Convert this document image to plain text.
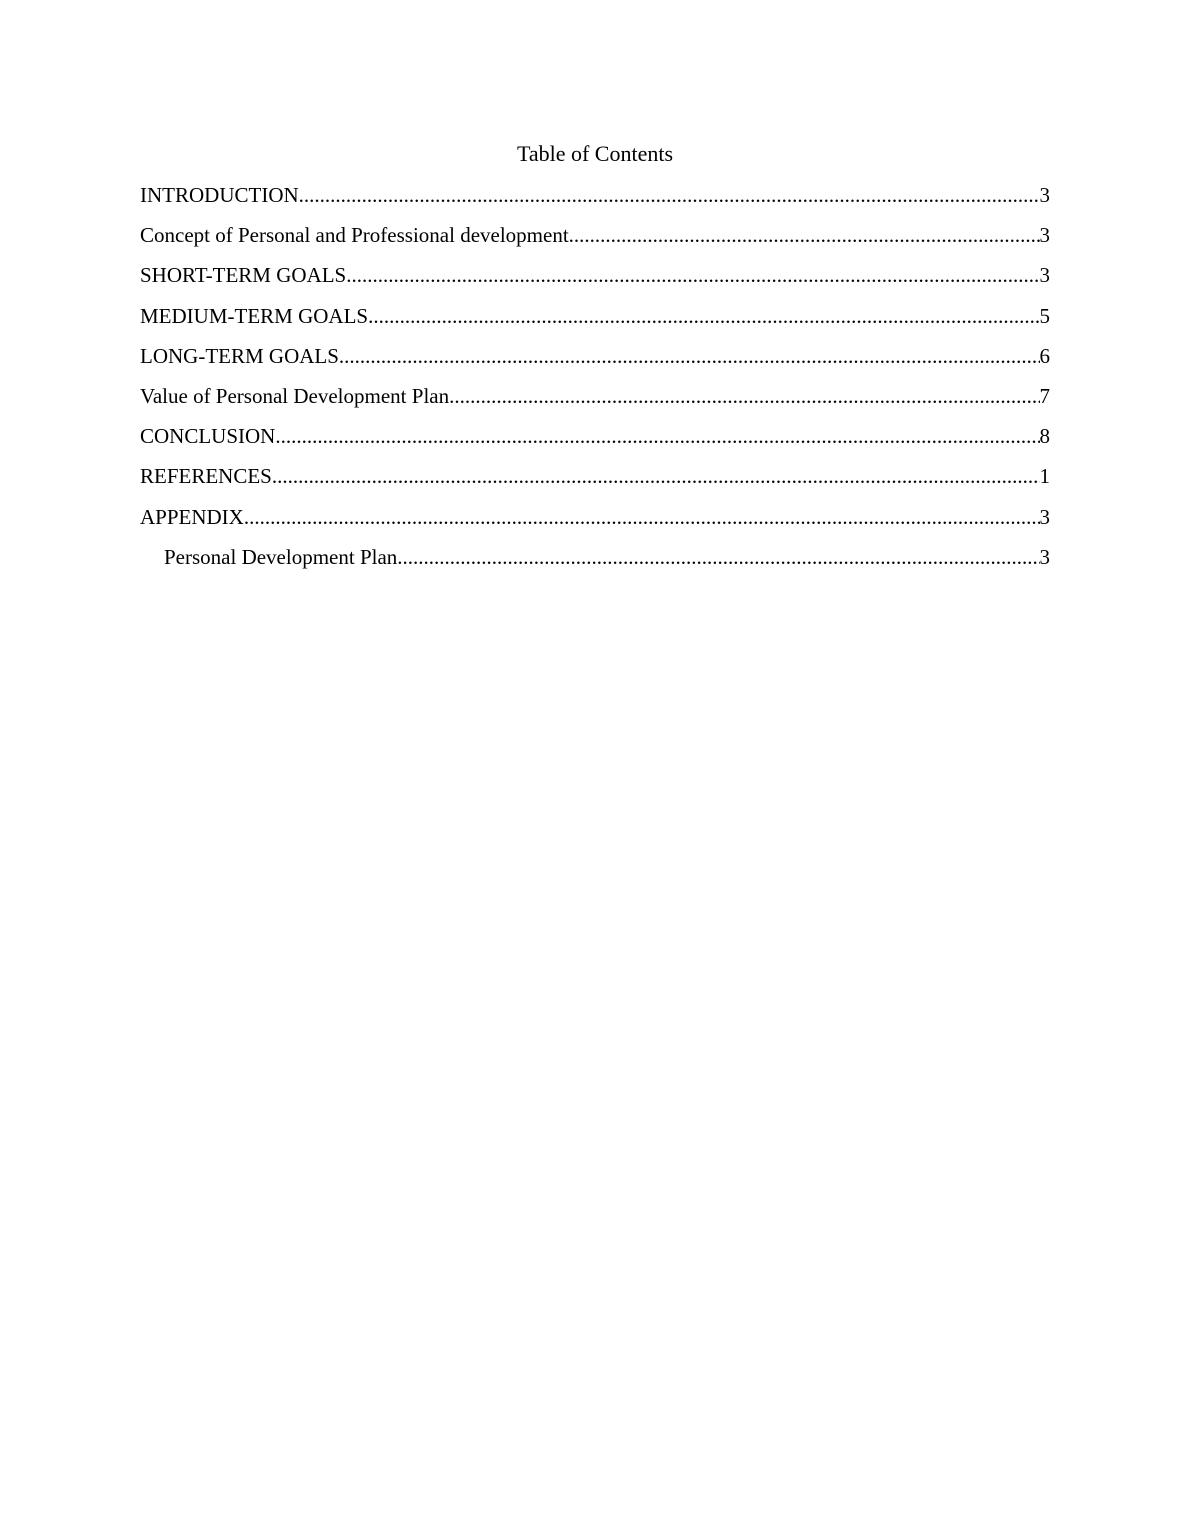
Table of Contents
INTRODUCTION .....	3
Concept of Personal and Professional development .....	3
SHORT-TERM GOALS .....	3
MEDIUM-TERM GOALS .....	5
LONG-TERM GOALS .....	6
Value of Personal Development Plan .....	7
CONCLUSION .....	8
REFERENCES .....	1
APPENDIX .....	3
Personal Development Plan .....	3
